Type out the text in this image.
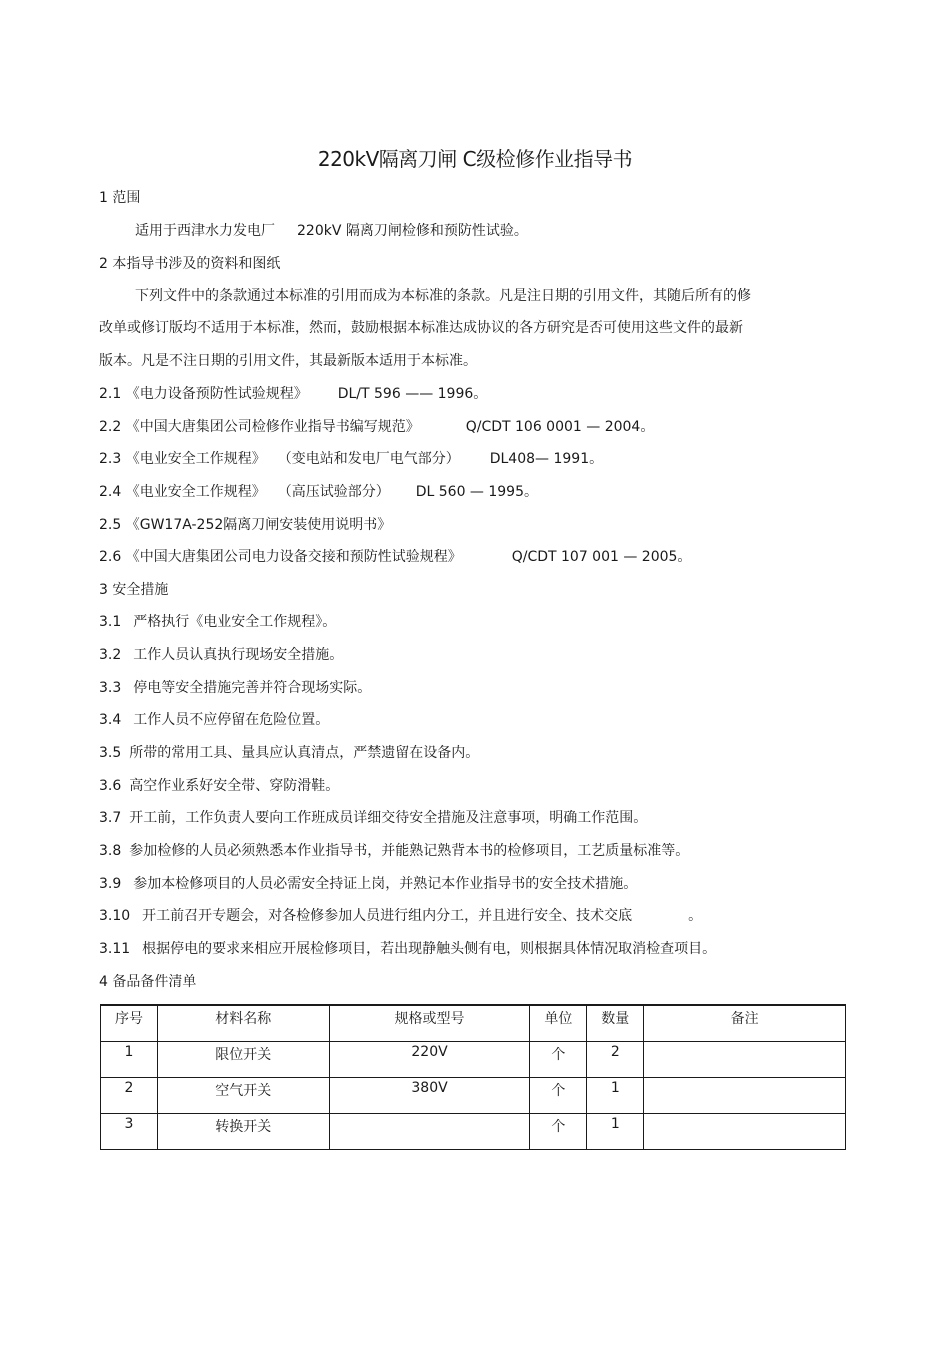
220kV隔离刀闸 C级检修作业指导书
1 范围
适用于西津水力发电厂 220kV 隔离刀闸检修和预防性试验。
2 本指导书涉及的资料和图纸
下列文件中的条款通过本标准的引用而成为本标准的条款。凡是注日期的引用文件，其随后所有的修
改单或修订版均不适用于本标准，然而，鼓励根据本标准达成协议的各方研究是否可使用这些文件的最新
版本。凡是不注日期的引用文件，其最新版本适用于本标准。
2.1 《电力设备预防性试验规程》 DL/T 596 —— 1996。
2.2 《中国大唐集团公司检修作业指导书编写规范》	Q/CDT 106 0001 — 2004。
2.3 《电业安全工作规程》 （变电站和发电厂电气部分） DL408— 1991。
2.4 《电业安全工作规程》 （高压试验部分） DL 560 — 1995。
2.5 《GW17A-252隔离刀闸安装使用说明书》
2.6 《中国大唐集团公司电力设备交接和预防性试验规程》	Q/CDT 107 001 — 2005。
3 安全措施
3.1 严格执行《电业安全工作规程》。
3.2 工作人员认真执行现场安全措施。
3.3 停电等安全措施完善并符合现场实际。
3.4 工作人员不应停留在危险位置。
3.5 所带的常用工具、量具应认真清点，严禁遗留在设备内。
3.6 高空作业系好安全带、穿防滑鞋。
3.7 开工前，工作负责人要向工作班成员详细交待安全措施及注意事项，明确工作范围。
3.8 参加检修的人员必须熟悉本作业指导书，并能熟记熟背本书的检修项目，工艺质量标准等。
3.9 参加本检修项目的人员必需安全持证上岗，并熟记本作业指导书的安全技术措施。
3.10 开工前召开专题会，对各检修参加人员进行组内分工，并且进行安全、技术交底	。
3.11 根据停电的要求来相应开展检修项目，若出现静触头侧有电，则根据具体情况取消检查项目。
4 备品备件清单
序号	材料名称	规格或型号	单位	数量	备注
1	限位开关	220V	个	2	
2	空气开关	380V	个	1	
3	转换开关		个	1	
